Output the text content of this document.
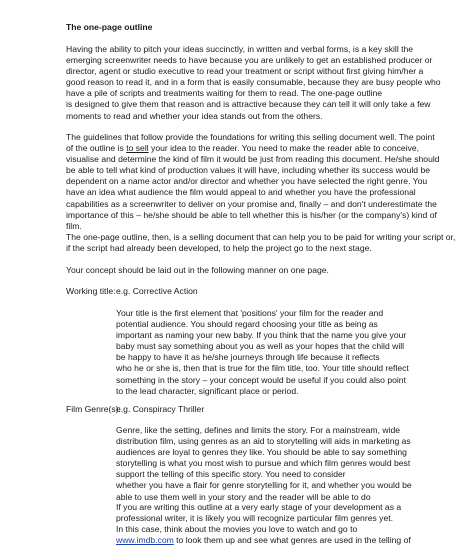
The one-page outline
Having the ability to pitch your ideas succinctly, in written and verbal forms, is a key skill the
emerging screenwriter needs to have because you are unlikely to get an established producer or
director, agent or studio executive to read your treatment or script without first giving him/her a
good reason to read it, and in a form that is easily consumable, because they are busy people who
have a pile of scripts and treatments waiting for them to read. The one-page outline
is designed to give them that reason and is attractive because they can tell it will only take a few
moments to read and whether your idea stands out from the others.
The guidelines that follow provide the foundations for writing this selling document well. The point
of the outline is to sell your idea to the reader. You need to make the reader able to conceive,
visualise and determine the kind of film it would be just from reading this document. He/she should
be able to tell what kind of production values it will have, including whether its success would be
dependent on a name actor and/or director and whether you have selected the right genre. You
have an idea what audience the film would appeal to and whether you have the professional
capabilities as a screenwriter to deliver on your promise and, finally – and don't underestimate the
importance of this – he/she should be able to tell whether this is his/her (or the company's) kind of
film.
The one-page outline, then, is a selling document that can help you to be paid for writing your script or,
if the script had already been developed, to help the project go to the next stage.
Your concept should be laid out in the following manner on one page.
Working title: e.g. Corrective Action
Your title is the first element that 'positions' your film for the reader and
potential audience. You should regard choosing your title as being as
important as naming your new baby. If you think that the name you give your
baby must say something about you as well as your hopes that the child will
be happy to have it as he/she journeys through life because it reflects
who he or she is, then that is true for the film title, too. Your title should reflect
something in the story – your concept would be useful if you could also point
to the lead character, significant place or period.
Film Genre(s):
e.g. Conspiracy Thriller
Genre, like the setting, defines and limits the story. For a mainstream, wide
distribution film, using genres as an aid to storytelling will aids in marketing as
audiences are loyal to genres they like. You should be able to say something
storytelling is what you most wish to pursue and which film genres would best
support the telling of this specific story. You need to consider
whether you have a flair for genre storytelling for it, and whether you would be
able to use them well in your story and the reader will be able to do
If you are writing this outline at a very early stage of your development as a
professional writer, it is likely you will recognize particular film genres yet.
In this case, think about the movies you love to watch and go to
www.imdb.com to look them up and see what genres are used in the telling of
